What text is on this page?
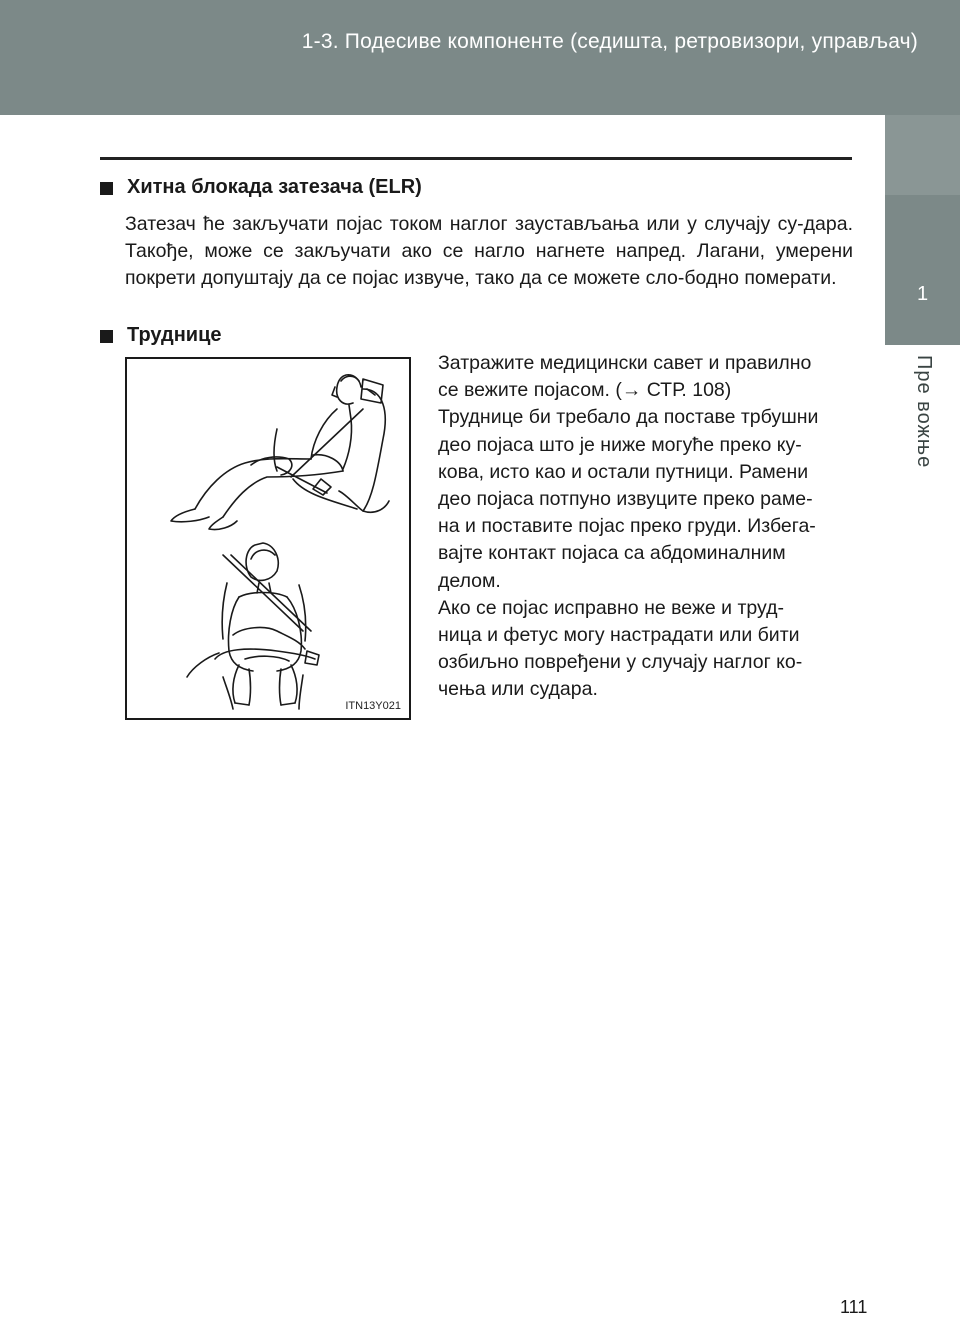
1-3. Подесиве компоненте (седишта, ретровизори, управљач)
1
Пре вожње
Хитна блокада затезача (ELR)
Затезач ће закључати појас током наглог заустављања или у случају су-дара. Такође, може се закључати ако се нагло нагнете напред. Лагани, умерени покрети допуштају да се појас извуче, тако да се можете сло-бодно померати.
Труднице
ITN13Y021
Затражите медицински савет и правилно
се вежите појасом. (→ СТР. 108)
Труднице би требало да поставе трбушни
део појаса што је ниже могуће преко ку-
кова, исто као и остали путници. Рамени
део појаса потпуно извуците преко раме-
на и поставите појас преко груди. Избега-
вајте контакт појаса са абдоминалним
делом.
Ако се појас исправно не веже и труд-
ница и фетус могу настрадати или бити
озбиљно повређени у случају наглог ко-
чења или судара.
111
